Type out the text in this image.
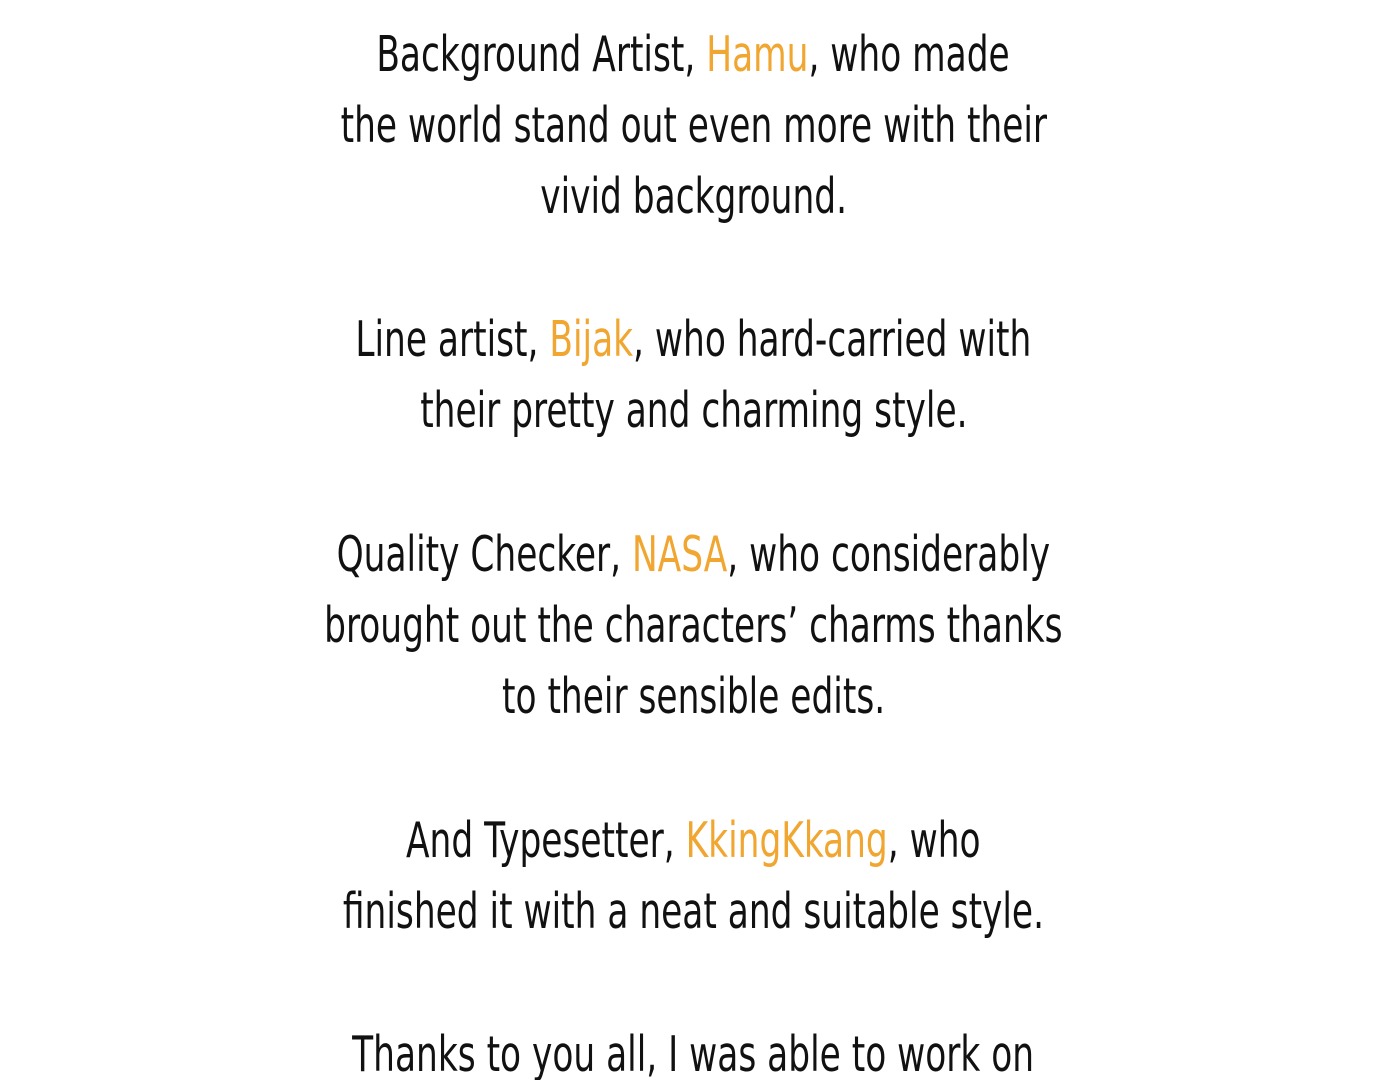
Background Artist, Hamu, who made
the world stand out even more with their
vivid background.
Line artist, Bijak, who hard-carried with
their pretty and charming style.
Quality Checker, NASA, who considerably
brought out the characters’ charms thanks
to their sensible edits.
And Typesetter, KkingKkang, who
finished it with a neat and suitable style.
Thanks to you all, I was able to work on
